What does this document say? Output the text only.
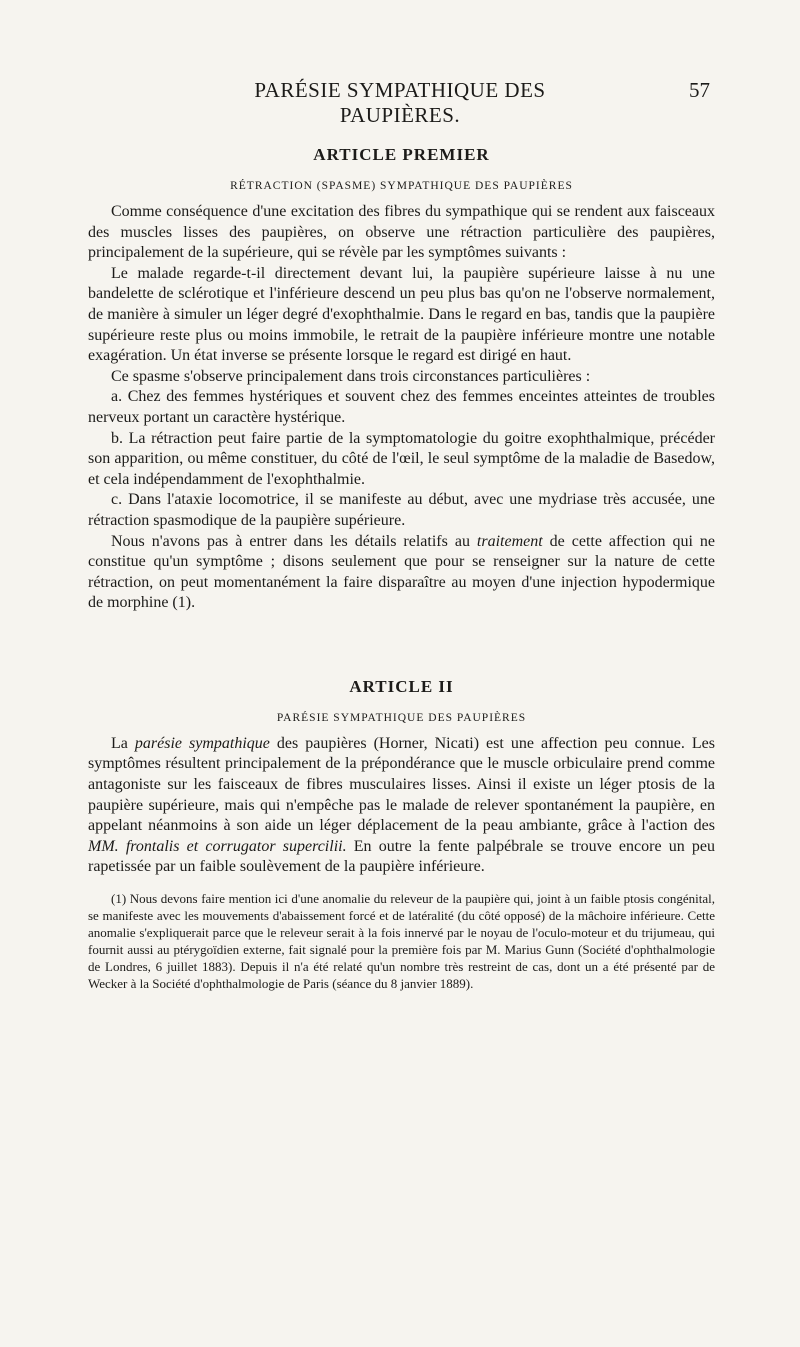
PARÉSIE SYMPATHIQUE DES PAUPIÈRES.
57
ARTICLE PREMIER
RÉTRACTION (SPASME) SYMPATHIQUE DES PAUPIÈRES

Comme conséquence d'une excitation des fibres du sympathique qui se rendent aux faisceaux des muscles lisses des paupières, on observe une rétraction particulière des paupières, principalement de la supérieure, qui se révèle par les symptômes suivants :

Le malade regarde-t-il directement devant lui, la paupière supérieure laisse à nu une bandelette de sclérotique et l'inférieure descend un peu plus bas qu'on ne l'observe normalement, de manière à simuler un léger degré d'exophthalmie. Dans le regard en bas, tandis que la paupière supérieure reste plus ou moins immobile, le retrait de la paupière inférieure montre une notable exagération. Un état inverse se présente lorsque le regard est dirigé en haut.

Ce spasme s'observe principalement dans trois circonstances particulières :

a. Chez des femmes hystériques et souvent chez des femmes enceintes atteintes de troubles nerveux portant un caractère hystérique.

b. La rétraction peut faire partie de la symptomatologie du goitre exophthalmique, précéder son apparition, ou même constituer, du côté de l'œil, le seul symptôme de la maladie de Basedow, et cela indépendamment de l'exophthalmie.

c. Dans l'ataxie locomotrice, il se manifeste au début, avec une mydriase très accusée, une rétraction spasmodique de la paupière supérieure.

Nous n'avons pas à entrer dans les détails relatifs au traitement de cette affection qui ne constitue qu'un symptôme ; disons seulement que pour se renseigner sur la nature de cette rétraction, on peut momentanément la faire disparaître au moyen d'une injection hypodermique de morphine (1).

ARTICLE II
PARÉSIE SYMPATHIQUE DES PAUPIÈRES

La parésie sympathique des paupières (Horner, Nicati) est une affection peu connue. Les symptômes résultent principalement de la prépondérance que le muscle orbiculaire prend comme antagoniste sur les faisceaux de fibres musculaires lisses. Ainsi il existe un léger ptosis de la paupière supérieure, mais qui n'empêche pas le malade de relever spontanément la paupière, en appelant néanmoins à son aide un léger déplacement de la peau ambiante, grâce à l'action des MM. frontalis et corrugator supercilii. En outre la fente palpébrale se trouve encore un peu rapetissée par un faible soulèvement de la paupière inférieure.

(1) Nous devons faire mention ici d'une anomalie du releveur de la paupière qui, joint à un faible ptosis congénital, se manifeste avec les mouvements d'abaissement forcé et de latéralité (du côté opposé) de la mâchoire inférieure. Cette anomalie s'expliquerait parce que le releveur serait à la fois innervé par le noyau de l'oculo-moteur et du trijumeau, qui fournit aussi au ptérygoïdien externe, fait signalé pour la première fois par M. Marius Gunn (Société d'ophthalmologie de Londres, 6 juillet 1883). Depuis il n'a été relaté qu'un nombre très restreint de cas, dont un a été présenté par de Wecker à la Société d'ophthalmologie de Paris (séance du 8 janvier 1889).
